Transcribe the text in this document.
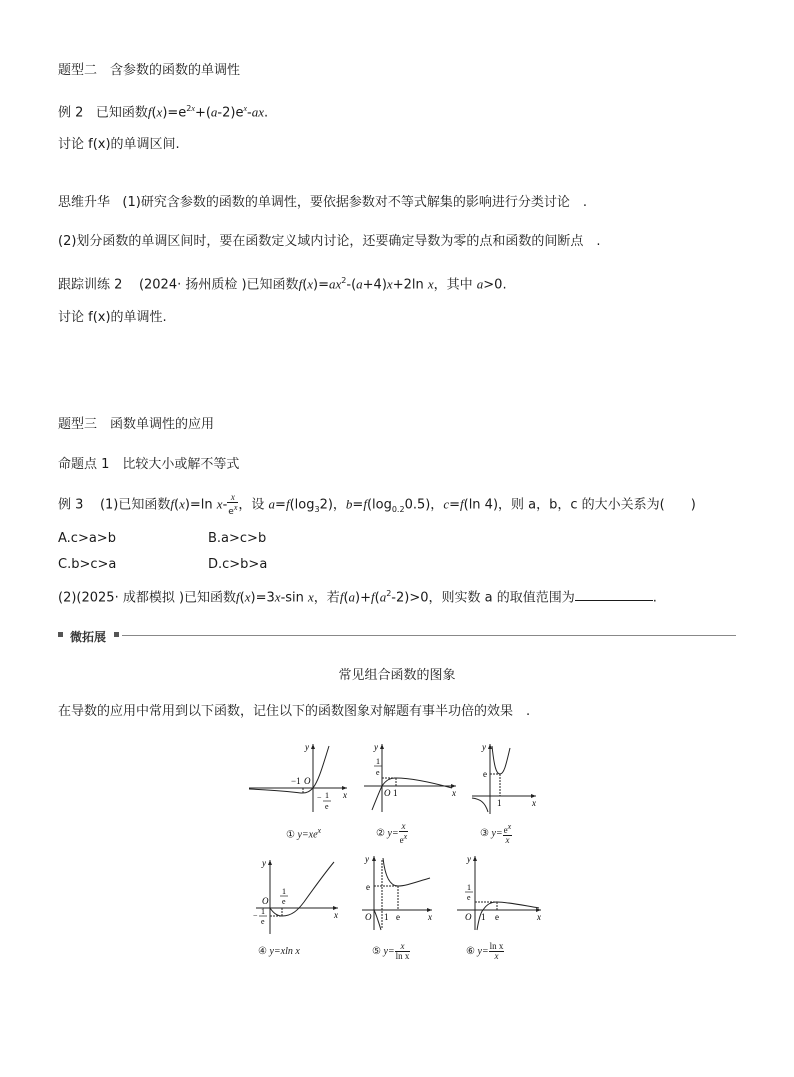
题型二　含参数的函数的单调性
例 2 已知函数$f(x)=e^{2x}+(a-2)e^x-ax$.
讨论 f(x)的单调区间.
思维升华 (1)研究含参数的函数的单调性，要依据参数对不等式解集的影响进行分类讨论　.
(2)划分函数的单调区间时，要在函数定义域内讨论，还要确定导数为零的点和函数的间断点　.
跟踪训练 2 (2024· 扬州质检 )已知函数$f(x)=ax^2-(a+4)x+2\ln$ x，其中 a>0.
讨论 f(x)的单调性.
题型三　函数单调性的应用
命题点 1　比较大小或解不等式
例 3 (1)已知函数f(x)=ln $x- \frac{x}{e^x}$ ，设 $a=f(\log_32)$，$b=f(\log_{0.2}0.5)$，c=f(ln 4)，则 a，b，c 的大小关系为(　　)
A.c>a>b	B.a>c>b
C.b>c>a	D.c>b>a
(2)(2025· 成都模拟 )已知函数f(x)=3x-sin x，若$f(a)+f(a^2-2)>0$，则实数 a 的取值范围为	.
微拓展
常见组合函数的图象
在导数的应用中常用到以下函数，记住以下的函数图象对解题有事半功倍的效果　.
y
x
O
−1
− 1
e
① $y=xe^x$
y
x
1
e
O 1
② $y= \frac{x}{e^x}$
y
x
e
1
③ $y= \frac{e^x}{x}$
y
x
O
1
e
− 1
e
④ y=xln x
y
x
e
O 1 e
⑤ $y= \frac{x}{\text{ln x}}$
y
x
1
e
O 1 e
⑥ $y= \frac{\text{ln x}}{x}$
